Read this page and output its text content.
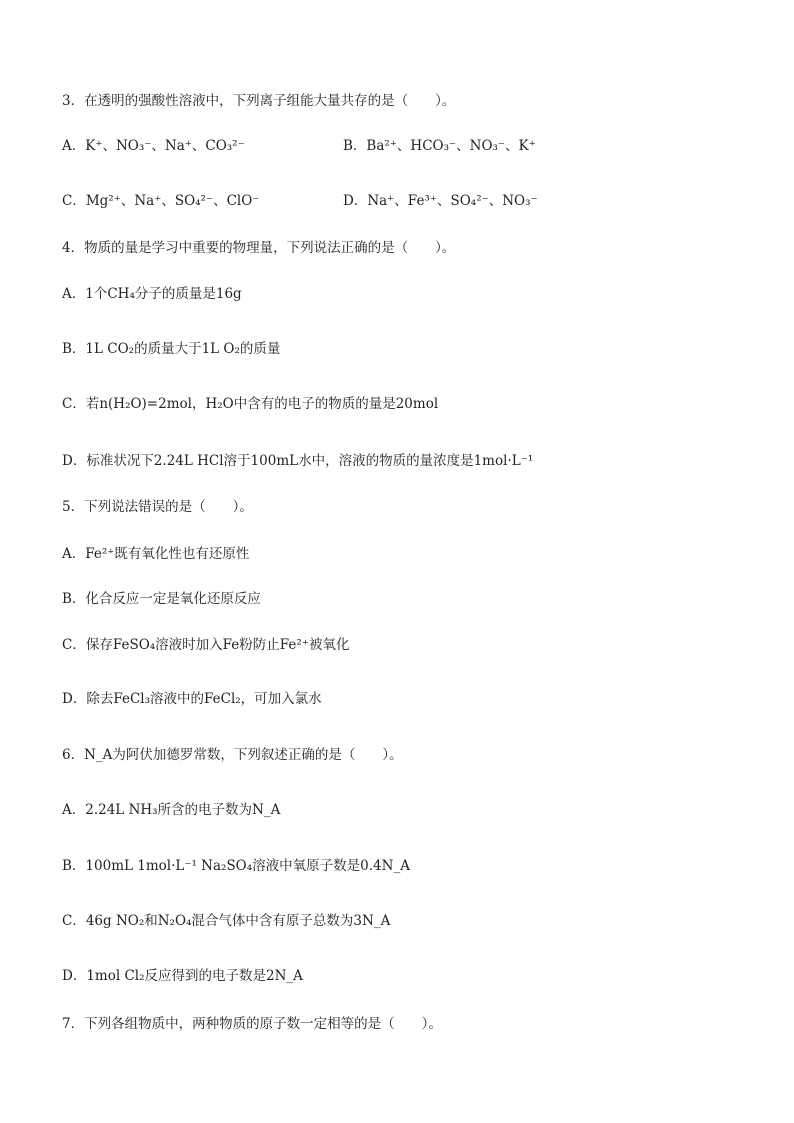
3．在透明的强酸性溶液中，下列离子组能大量共存的是（　　）。
A．K⁺、NO₃⁻、Na⁺、CO₃²⁻	B．Ba²⁺、HCO₃⁻、NO₃⁻、K⁺
C．Mg²⁺、Na⁺、SO₄²⁻、ClO⁻	D．Na⁺、Fe³⁺、SO₄²⁻、NO₃⁻
4．物质的量是学习中重要的物理量，下列说法正确的是（　　）。
A．1个CH₄分子的质量是16g
B．1L CO₂的质量大于1L O₂的质量
C．若n(H₂O)=2mol，H₂O中含有的电子的物质的量是20mol
D．标准状况下2.24L HCl溶于100mL水中，溶液的物质的量浓度是1mol·L⁻¹
5．下列说法错误的是（　　）。
A．Fe²⁺既有氧化性也有还原性
B．化合反应一定是氧化还原反应
C．保存FeSO₄溶液时加入Fe粉防止Fe²⁺被氧化
D．除去FeCl₃溶液中的FeCl₂，可加入氯水
6．N_A为阿伏加德罗常数，下列叙述正确的是（　　）。
A．2.24L NH₃所含的电子数为N_A
B．100mL 1mol·L⁻¹ Na₂SO₄溶液中氧原子数是0.4N_A
C．46g NO₂和N₂O₄混合气体中含有原子总数为3N_A
D．1mol Cl₂反应得到的电子数是2N_A
7．下列各组物质中，两种物质的原子数一定相等的是（　　）。
